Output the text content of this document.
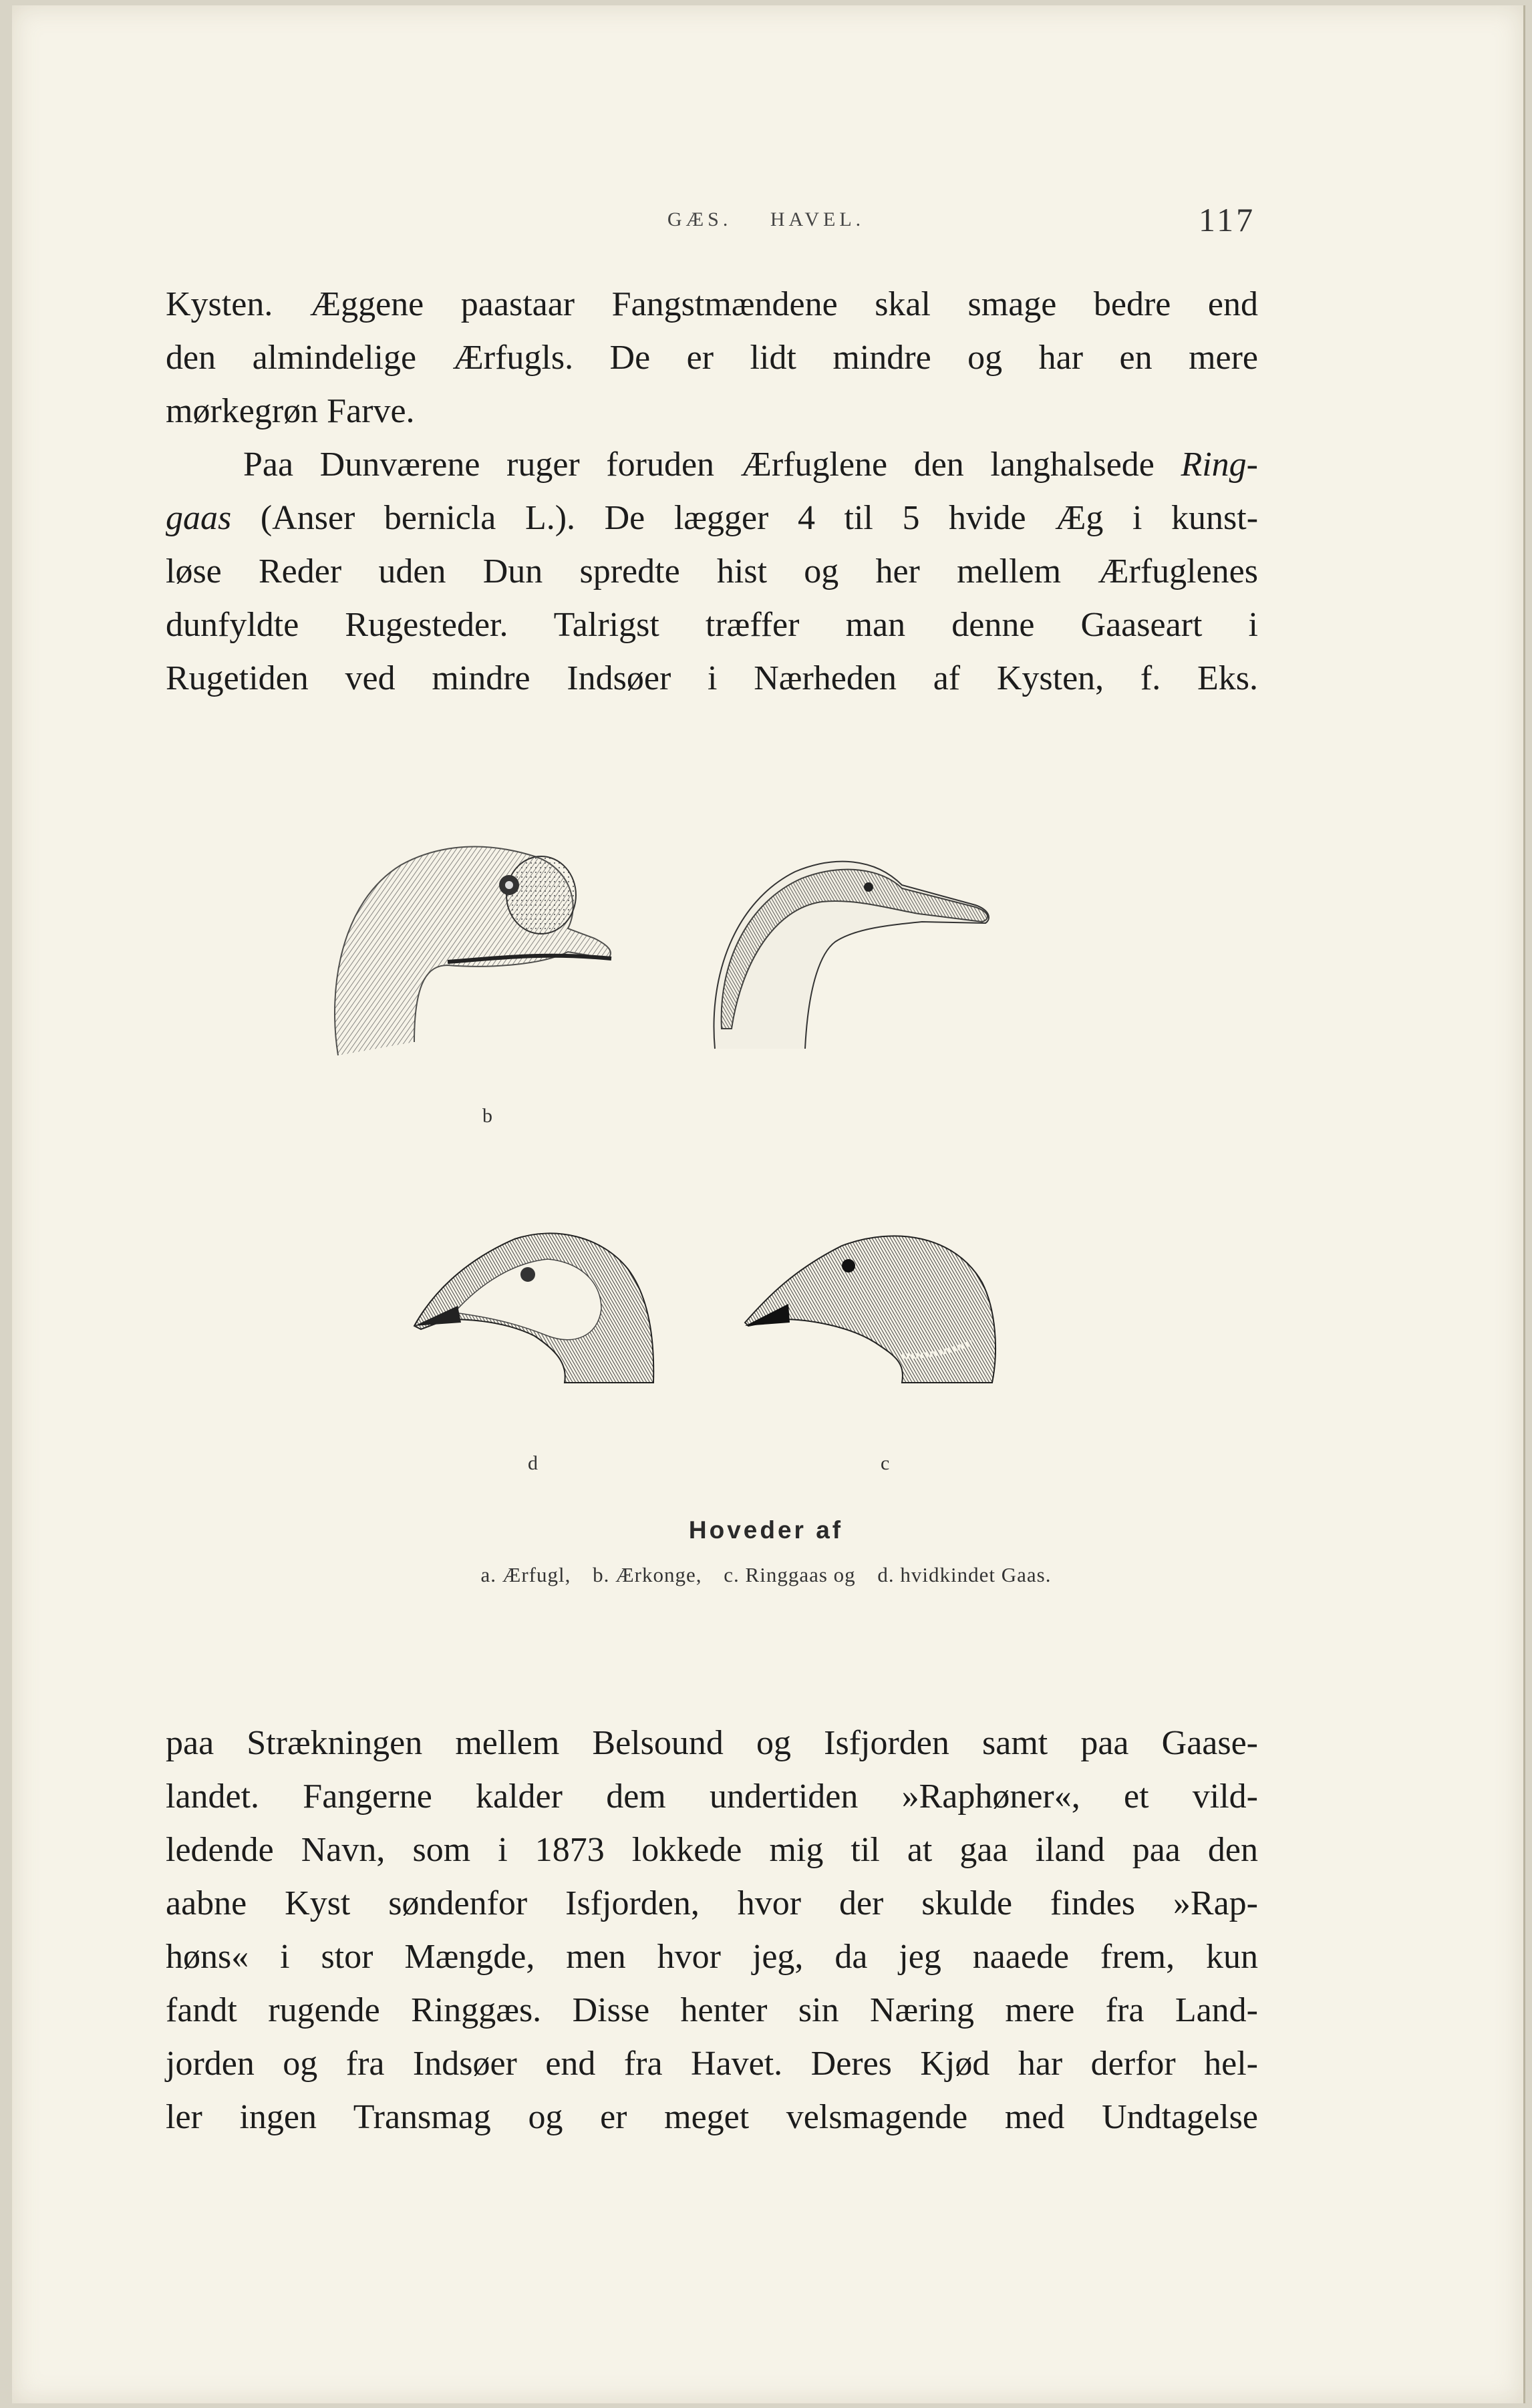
GÆS. HAVEL.	117
Kysten. Æggene paastaar Fangstmændene skal smage bedre end
den almindelige Ærfugls. De er lidt mindre og har en mere
mørkegrøn Farve.
Paa Dunværene ruger foruden Ærfuglene den langhalsede Ring-
gaas (Anser bernicla L.). De lægger 4 til 5 hvide Æg i kunst-
løse Reder uden Dun spredte hist og her mellem Ærfuglenes
dunfyldte Rugesteder. Talrigst træffer man denne Gaaseart i
Rugetiden ved mindre Indsøer i Nærheden af Kysten, f. Eks.
b
d	c
Hoveder af
a. Ærfugl, b. Ærkonge, c. Ringgaas og d. hvidkindet Gaas.
paa Strækningen mellem Belsound og Isfjorden samt paa Gaase-
landet. Fangerne kalder dem undertiden »Raphøner«, et vild-
ledende Navn, som i 1873 lokkede mig til at gaa iland paa den
aabne Kyst søndenfor Isfjorden, hvor der skulde findes »Rap-
høns« i stor Mængde, men hvor jeg, da jeg naaede frem, kun
fandt rugende Ringgæs. Disse henter sin Næring mere fra Land-
jorden og fra Indsøer end fra Havet. Deres Kjød har derfor hel-
ler ingen Transmag og er meget velsmagende med Undtagelse
